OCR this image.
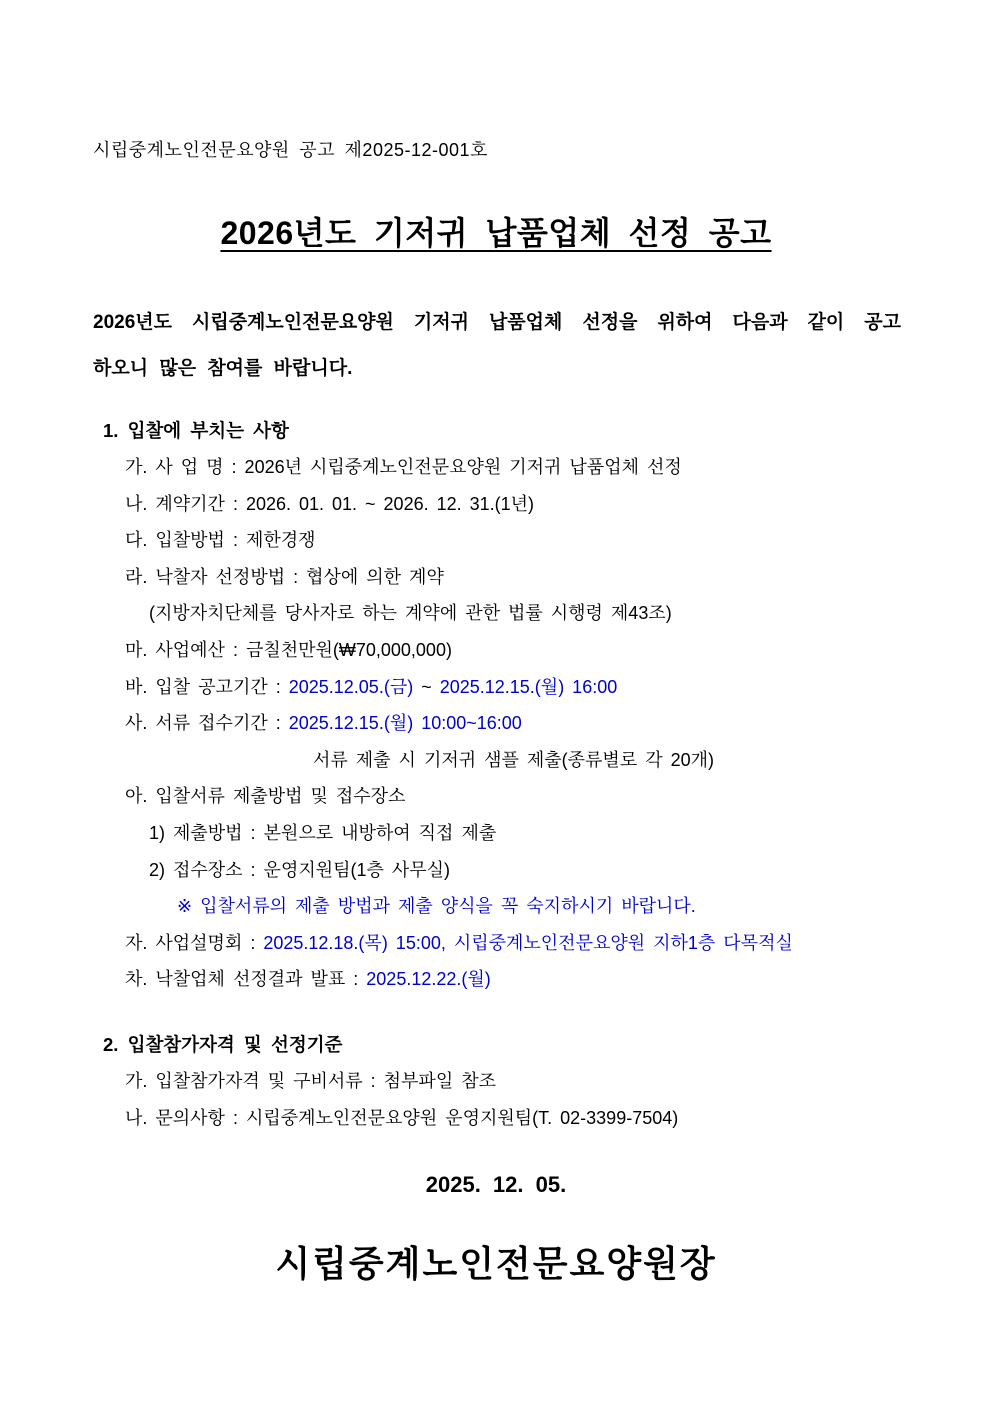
시립중계노인전문요양원 공고 제2025-12-001호
2026년도 기저귀 납품업체 선정 공고
2026년도 시립중계노인전문요양원 기저귀 납품업체 선정을 위하여 다음과 같이 공고
하오니 많은 참여를 바랍니다.
1. 입찰에 부치는 사항
가. 사 업 명 : 2026년 시립중계노인전문요양원 기저귀 납품업체 선정
나. 계약기간 : 2026. 01. 01. ~ 2026. 12. 31.(1년)
다. 입찰방법 : 제한경쟁
라. 낙찰자 선정방법 : 협상에 의한 계약
(지방자치단체를 당사자로 하는 계약에 관한 법률 시행령 제43조)
마. 사업예산 : 금칠천만원(₩70,000,000)
바. 입찰 공고기간 : 2025.12.05.(금) ~ 2025.12.15.(월) 16:00
사. 서류 접수기간 : 2025.12.15.(월) 10:00~16:00
서류 제출 시 기저귀 샘플 제출(종류별로 각 20개)
아. 입찰서류 제출방법 및 접수장소
1) 제출방법 : 본원으로 내방하여 직접 제출
2) 접수장소 : 운영지원팀(1층 사무실)
※ 입찰서류의 제출 방법과 제출 양식을 꼭 숙지하시기 바랍니다.
자. 사업설명회 : 2025.12.18.(목) 15:00, 시립중계노인전문요양원 지하1층 다목적실
차. 낙찰업체 선정결과 발표 : 2025.12.22.(월)
2. 입찰참가자격 및 선정기준
가. 입찰참가자격 및 구비서류 : 첨부파일 참조
나. 문의사항 : 시립중계노인전문요양원 운영지원팀(T. 02-3399-7504)
2025. 12. 05.
시립중계노인전문요양원장
